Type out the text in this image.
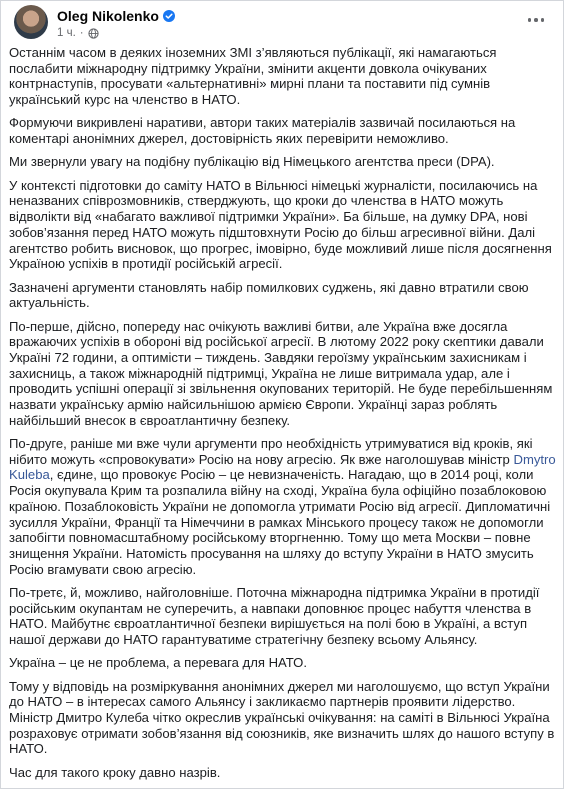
Oleg Nikolenko
1 ч. ·

Останнім часом в деяких іноземних ЗМІ з’являються публікації, які намагаються послабити міжнародну підтримку України, змінити акценти довкола очікуваних контрнаступів, просувати «альтернативні» мирні плани та поставити під сумнів український курс на членство в НАТО.

Формуючи викривлені наративи, автори таких матеріалів зазвичай посилаються на коментарі анонімних джерел, достовірність яких перевірити неможливо.

Ми звернули увагу на подібну публікацію від Німецького агентства преси (DPA).

У контексті підготовки до саміту НАТО в Вільнюсі німецькі журналісти, посилаючись на неназваних співрозмовників, стверджують, що кроки до членства в НАТО можуть відволікти від «набагато важливої підтримки України». Ба більше, на думку DPA, нові зобов’язання перед НАТО можуть підштовхнути Росію до більш агресивної війни. Далі агентство робить висновок, що прогрес, імовірно, буде можливий лише після досягнення Україною успіхів в протидії російській агресії.

Зазначені аргументи становлять набір помилкових суджень, які давно втратили свою актуальність.

По-перше, дійсно, попереду нас очікують важливі битви, але Україна вже досягла вражаючих успіхів в обороні від російської агресії. В лютому 2022 року скептики давали Україні 72 години, а оптимісти – тиждень. Завдяки героїзму українським захисникам і захисниць, а також міжнародній підтримці, Україна не лише витримала удар, але і проводить успішні операції зі звільнення окупованих територій. Не буде перебільшенням назвати українську армію найсильнішою армією Європи. Українці зараз роблять найбільший внесок в євроатлантичну безпеку.

По-друге, раніше ми вже чули аргументи про необхідність утримуватися від кроків, які нібито можуть «спровокувати» Росію на нову агресію. Як вже наголошував міністр Dmytro Kuleba, єдине, що провокує Росію – це невизначеність. Нагадаю, що в 2014 році, коли Росія окупувала Крим та розпалила війну на сході, Україна була офіційно позаблоковою країною. Позаблоковість України не допомогла утримати Росію від агресії. Дипломатичні зусилля України, Франції та Німеччини в рамках Мінського процесу також не допомогли запобігти повномасштабному російському вторгненню. Тому що мета Москви – повне знищення України. Натомість просування на шляху до вступу України в НАТО змусить Росію вгамувати свою агресію.

По-третє, й, можливо, найголовніше. Поточна міжнародна підтримка України в протидії російським окупантам не суперечить, а навпаки доповнює процес набуття членства в НАТО. Майбутнє євроатлантичної безпеки вирішується на полі бою в Україні, а вступ нашої держави до НАТО гарантуватиме стратегічну безпеку всьому Альянсу.

Україна – це не проблема, а перевага для НАТО.

Тому у відповідь на розміркування анонімних джерел ми наголошуємо, що вступ України до НАТО – в інтересах самого Альянсу і закликаємо партнерів проявити лідерство. Міністр Дмитро Кулеба чітко окреслив українські очікування: на саміті в Вільнюсі Україна розраховує отримати зобов’язання від союзників, яке визначить шлях до нашого вступу в НАТО.

Час для такого кроку давно назрів.
